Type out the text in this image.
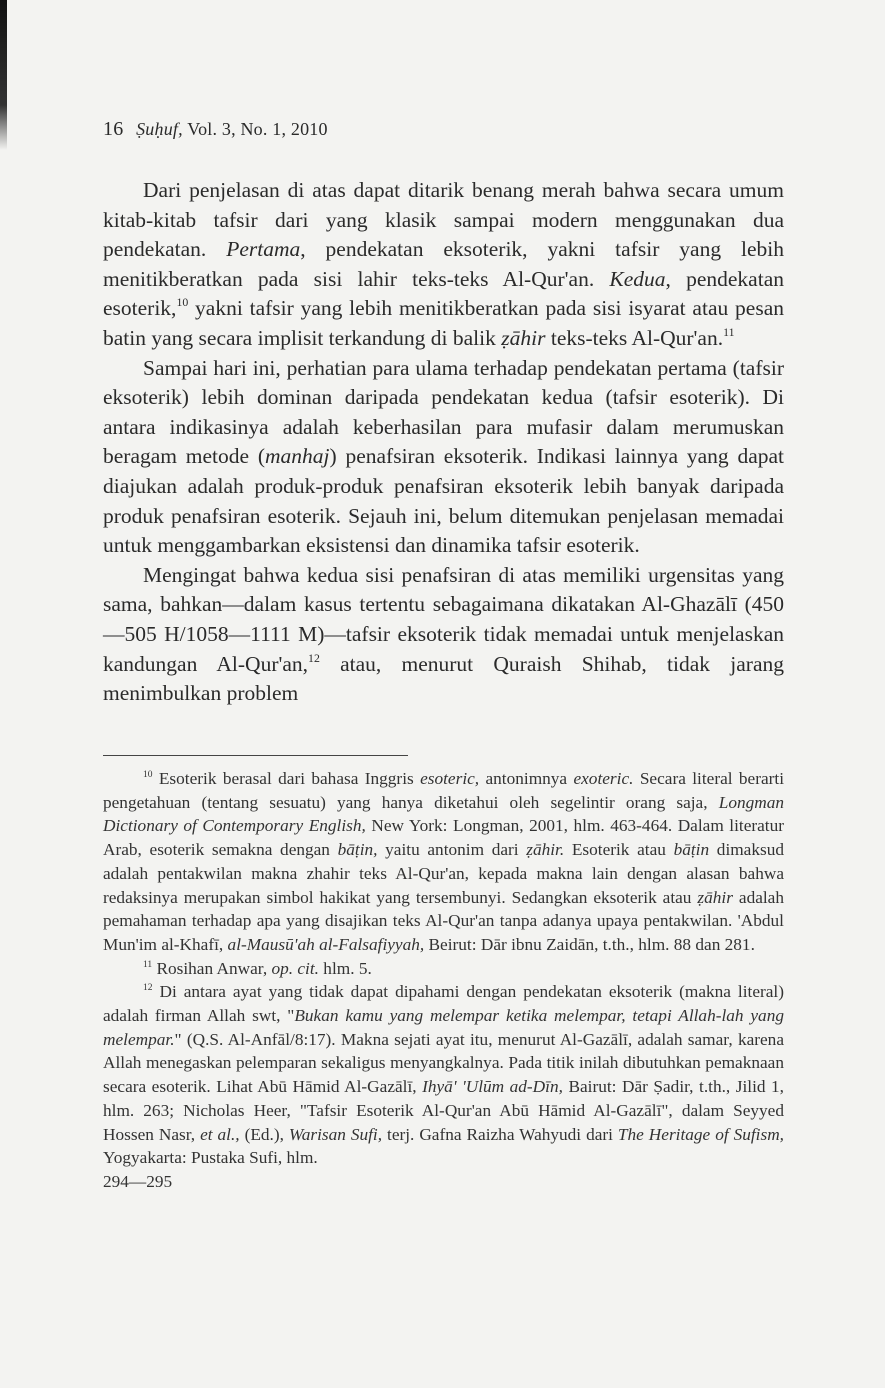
16 Ṣuḥuf, Vol. 3, No. 1, 2010

Dari penjelasan di atas dapat ditarik benang merah bahwa secara umum kitab-kitab tafsir dari yang klasik sampai modern menggunakan dua pendekatan. Pertama, pendekatan eksoterik, yakni tafsir yang lebih menitikberatkan pada sisi lahir teks-teks Al-Qur'an. Kedua, pendekatan esoterik,$^{10}$ yakni tafsir yang lebih menitikberatkan pada sisi isyarat atau pesan batin yang secara implisit terkandung di balik ẓāhir teks-teks Al-Qur'an.$^{11}$

Sampai hari ini, perhatian para ulama terhadap pendekatan pertama (tafsir eksoterik) lebih dominan daripada pendekatan kedua (tafsir esoterik). Di antara indikasinya adalah keberhasilan para mufasir dalam merumuskan beragam metode (manhaj) penafsiran eksoterik. Indikasi lainnya yang dapat diajukan adalah produk-produk penafsiran eksoterik lebih banyak daripada produk penafsiran esoterik. Sejauh ini, belum ditemukan penjelasan memadai untuk menggambarkan eksistensi dan dinamika tafsir esoterik.

Mengingat bahwa kedua sisi penafsiran di atas memiliki urgensitas yang sama, bahkan—dalam kasus tertentu sebagaimana dikatakan Al-Ghazālī (450—505 H/1058—1111 M)—tafsir eksoterik tidak memadai untuk menjelaskan kandungan Al-Qur'an,$^{12}$ atau, menurut Quraish Shihab, tidak jarang menimbulkan problem

$^{10}$ Esoterik berasal dari bahasa Inggris esoteric, antonimnya exoteric. Secara literal berarti pengetahuan (tentang sesuatu) yang hanya diketahui oleh segelintir orang saja, Longman Dictionary of Contemporary English, New York: Longman, 2001, hlm. 463-464. Dalam literatur Arab, esoterik semakna dengan bāṭin, yaitu antonim dari ẓāhir. Esoterik atau bāṭin dimaksud adalah pentakwilan makna zhahir teks Al-Qur'an, kepada makna lain dengan alasan bahwa redaksinya merupakan simbol hakikat yang tersembunyi. Sedangkan eksoterik atau ẓāhir adalah pemahaman terhadap apa yang disajikan teks Al-Qur'an tanpa adanya upaya pentakwilan. 'Abdul Mun'im al-Khafī, al-Mausū'ah al-Falsafiyyah, Beirut: Dār ibnu Zaidān, t.th., hlm. 88 dan 281.

$^{11}$ Rosihan Anwar, op. cit. hlm. 5.

$^{12}$ Di antara ayat yang tidak dapat dipahami dengan pendekatan eksoterik (makna literal) adalah firman Allah swt, "Bukan kamu yang melempar ketika melempar, tetapi Allah-lah yang melempar." (Q.S. Al-Anfāl/8:17). Makna sejati ayat itu, menurut Al-Gazālī, adalah samar, karena Allah menegaskan pelemparan sekaligus menyangkalnya. Pada titik inilah dibutuhkan pemaknaan secara esoterik. Lihat Abū Hāmid Al-Gazālī, Ihyā' 'Ulūm ad-Dīn, Bairut: Dār Ṣadir, t.th., Jilid 1, hlm. 263; Nicholas Heer, "Tafsir Esoterik Al-Qur'an Abū Hāmid Al-Gazālī", dalam Seyyed Hossen Nasr, et al., (Ed.), Warisan Sufi, terj. Gafna Raizha Wahyudi dari The Heritage of Sufism, Yogyakarta: Pustaka Sufi, hlm.

294—295
